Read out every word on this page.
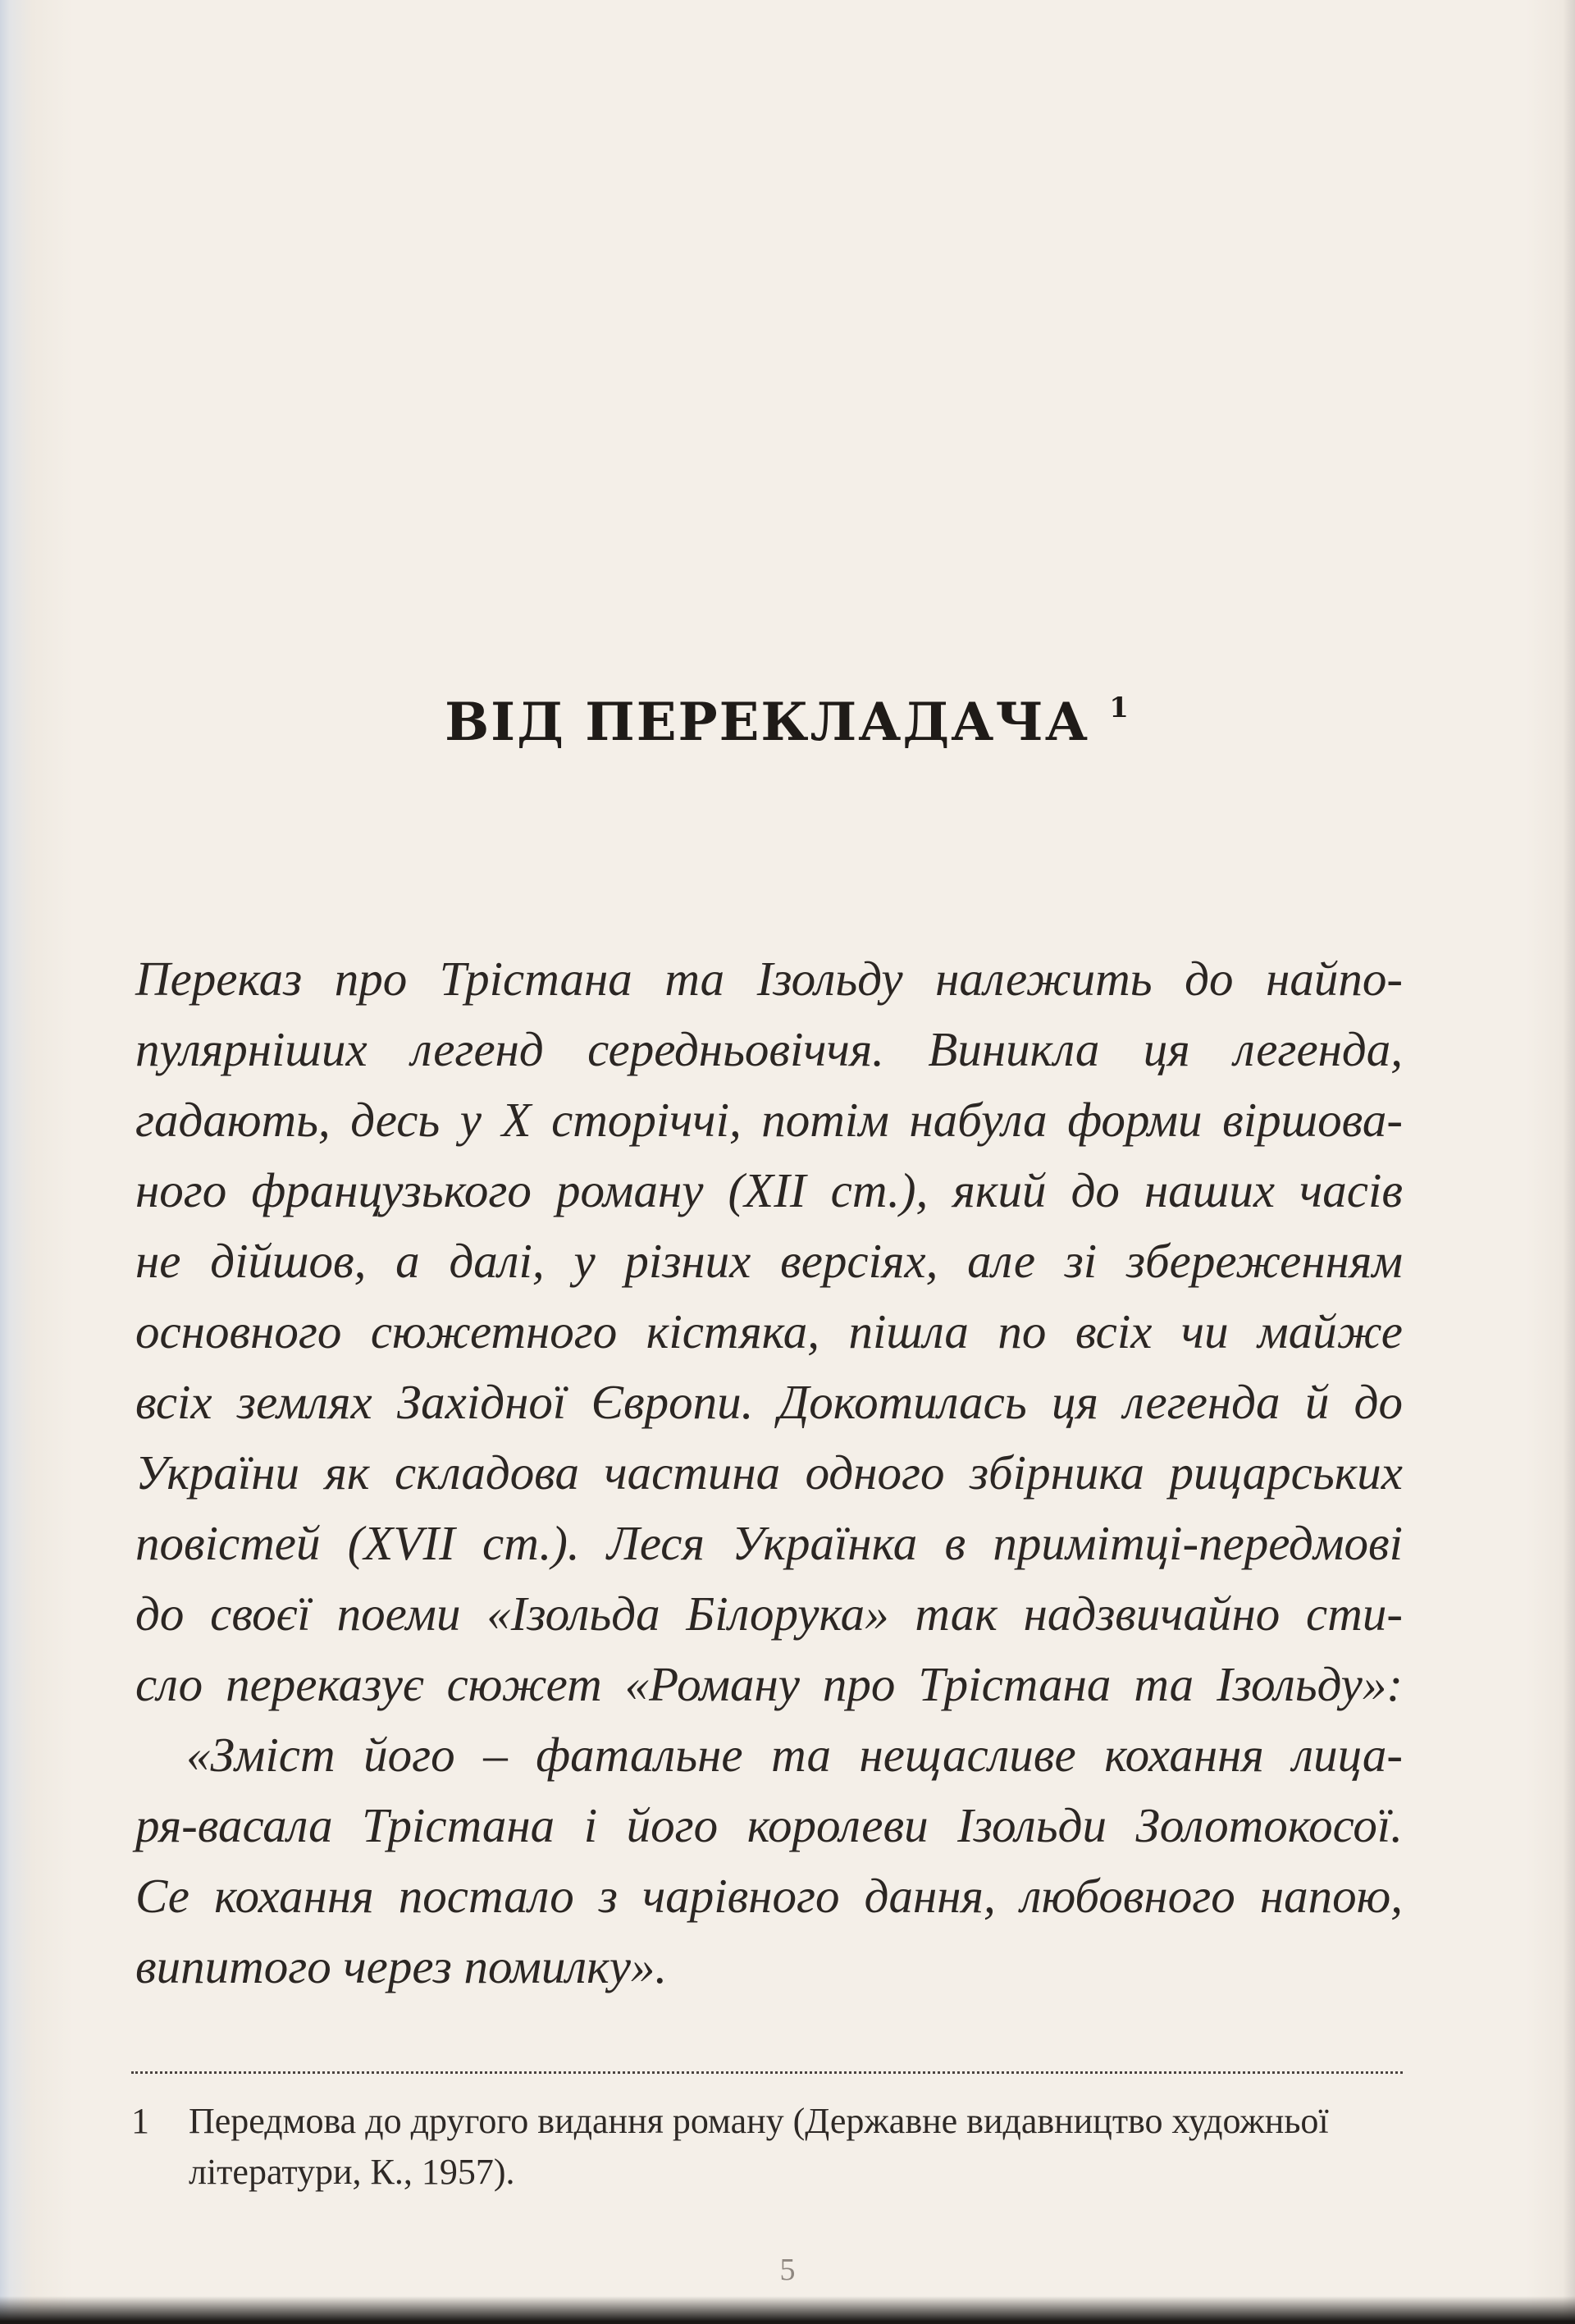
ВІД ПЕРЕКЛАДАЧА $^1$
Переказ про Трістана та Ізольду належить до найпо-
пулярніших легенд середньовіччя. Виникла ця легенда,
гадають, десь у X сторіччі, потім набула форми віршова-
ного французького роману (XII ст.), який до наших часів
не дійшов, а далі, у різних версіях, але зі збереженням
основного сюжетного кістяка, пішла по всіх чи майже
всіх землях Західної Європи. Докотилась ця легенда й до
України як складова частина одного збірника рицарських
повістей (XVII ст.). Леся Українка в примітці-передмові
до своєї поеми «Ізольда Білорука» так надзвичайно сти-
сло переказує сюжет «Роману про Трістана та Ізольду»:
«Зміст його – фатальне та нещасливе кохання лица-
ря-васала Трістана і його королеви Ізольди Золотокосої.
Се кохання постало з чарівного дання, любовного напою,
випитого через помилку».
1 Передмова до другого видання роману (Державне видавництво художньої
літератури, К., 1957).
5
